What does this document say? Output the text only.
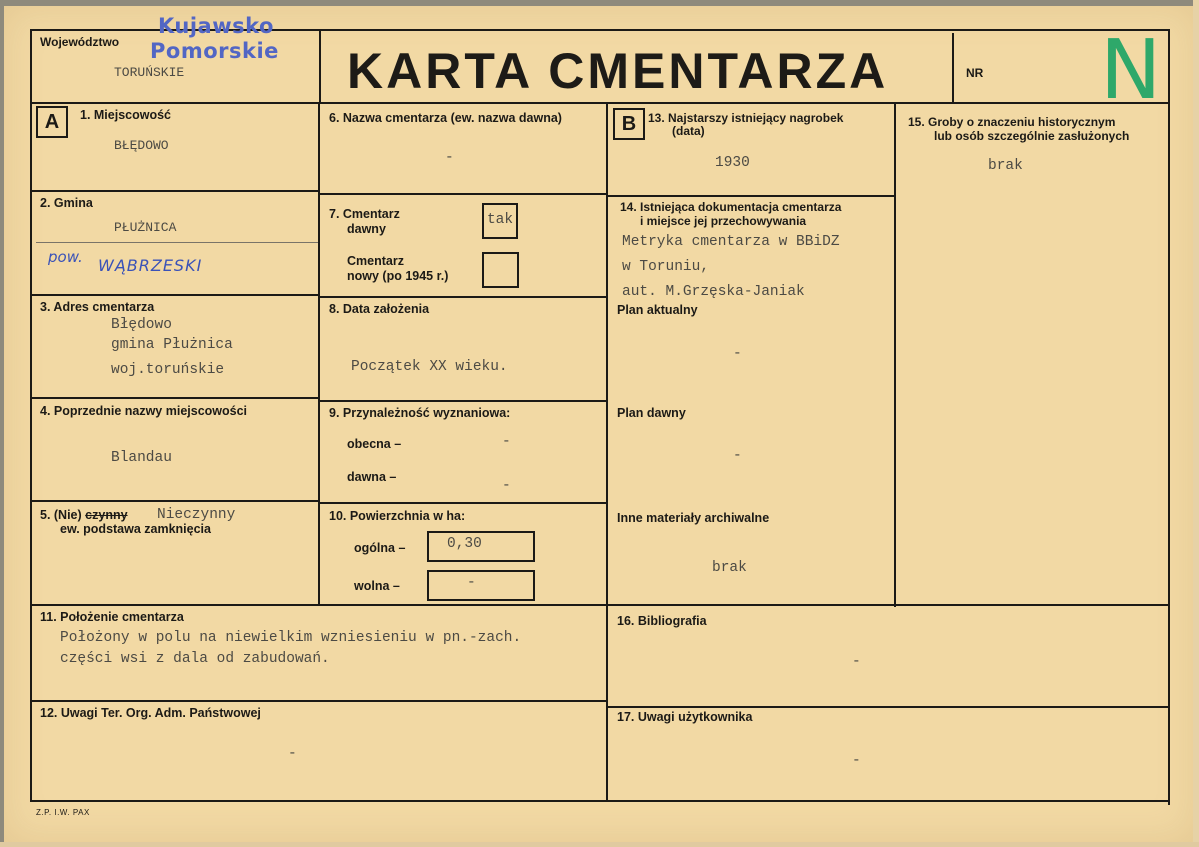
Województwo
Kujawsko
Pomorskie
TORUŃSKIE	KARTA CMENTARZA	NR N
A	1. Miejscowość
BŁĘDOWO
2. Gmina
PŁUŻNICA
pow. WĄBRZESKI
3. Adres cmentarza
Błędowo
gmina Płużnica
woj.toruńskie
4. Poprzednie nazwy miejscowości
Blandau
5. (Nie) czynny
ew. podstawa zamknięcia
Nieczynny
6. Nazwa cmentarza (ew. nazwa dawna)
-
7. Cmentarz
dawny
tak
Cmentarz
nowy (po 1945 r.)
8. Data założenia
Początek XX wieku.
9. Przynależność wyznaniowa:
obecna –	-
dawna –
-
10. Powierzchnia w ha:
ogólna –	0,30
wolna –	-
B 13. Najstarszy istniejący nagrobek
(data)
1930
14. Istniejąca dokumentacja cmentarza
i miejsce jej przechowywania
Metryka cmentarza w BBiDZ
w Toruniu,
aut. M.Grzęska-Janiak
Plan aktualny
-
Plan dawny
-
Inne materiały archiwalne
brak
15. Groby o znaczeniu historycznym
lub osób szczególnie zasłużonych
brak
11. Położenie cmentarza
Położony w polu na niewielkim wzniesieniu w pn.-zach.
części wsi z dala od zabudowań.
12. Uwagi Ter. Org. Adm. Państwowej
-
16. Bibliografia
-
17. Uwagi użytkownika
-
Z.P. I.W. PAX
